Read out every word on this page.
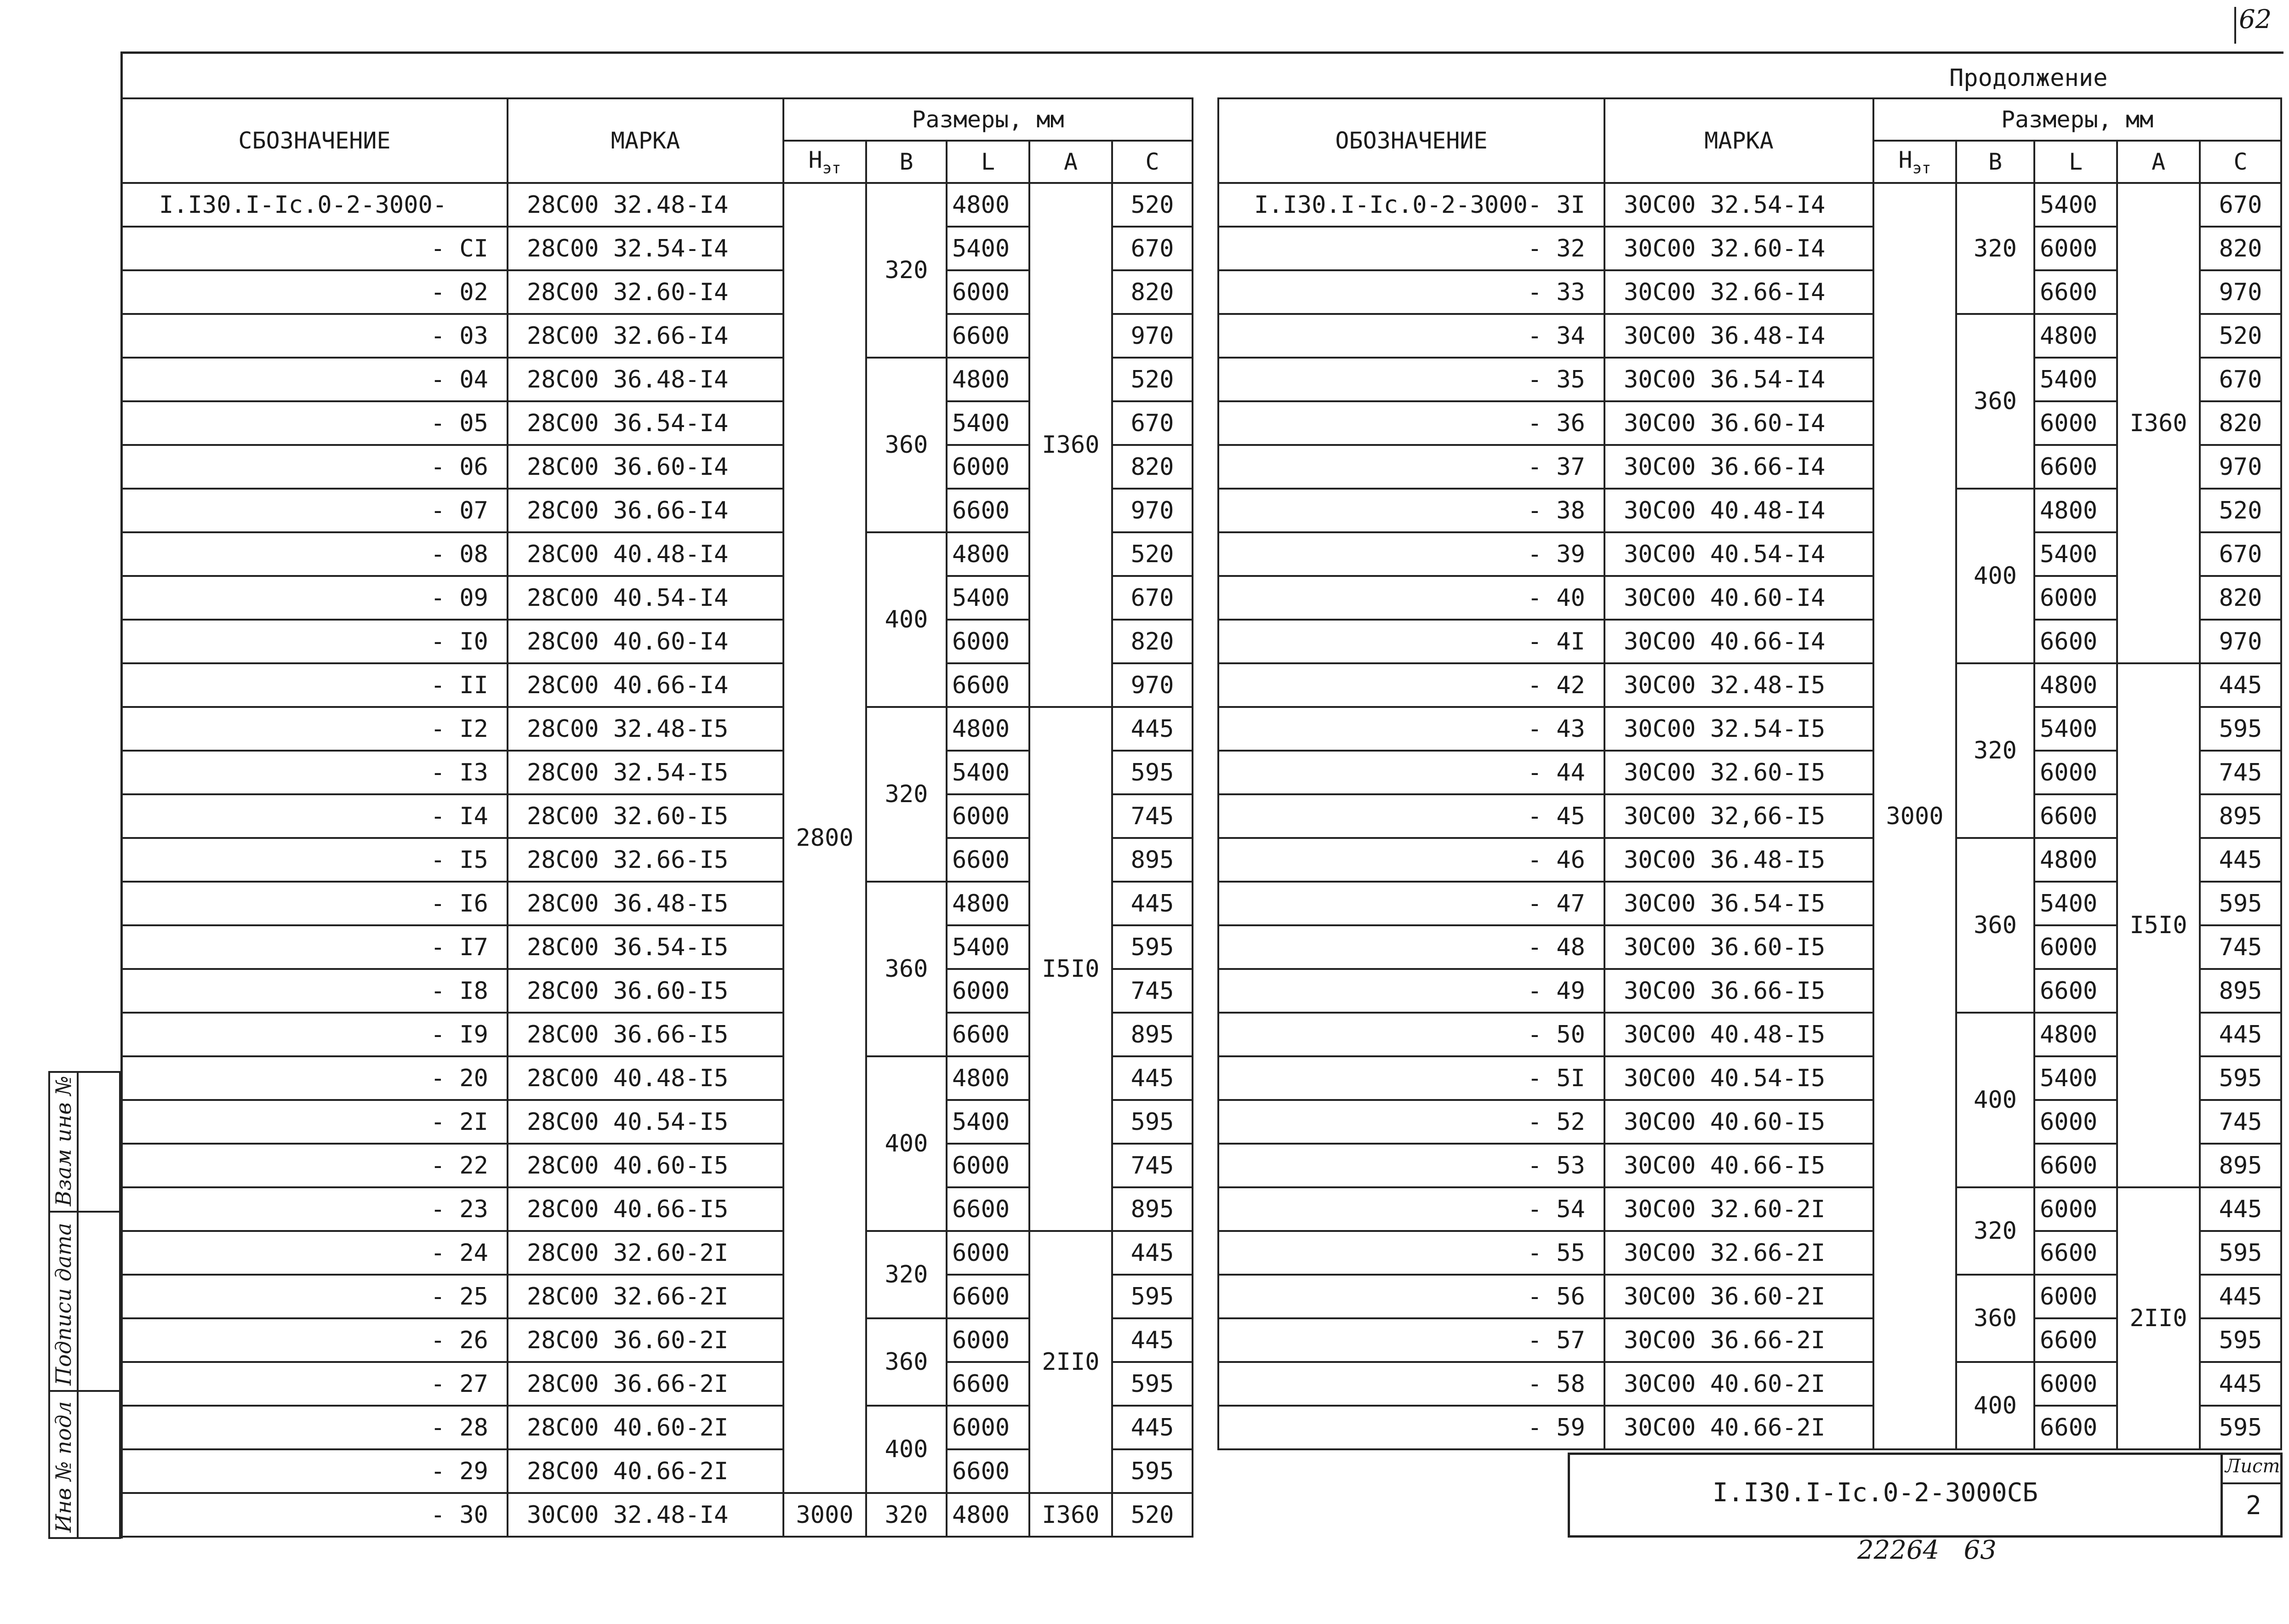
62
Продолжение
СБОЗНАЧЕНИЕ	МАРКА	Размеры, мм				
		$Н_{эт}$	В	L	А	С
I.I30.I-Iс.0-2-3000-	28C00 32.48-I4	2800	320	4800	I360	520
- CI	28C00 32.54-I4			5400		670
- 02	28C00 32.60-I4			6000		820
- 03	28C00 32.66-I4			6600		970
- 04	28C00 36.48-I4		360	4800		520
- 05	28C00 36.54-I4			5400		670
- 06	28C00 36.60-I4			6000		820
- 07	28C00 36.66-I4			6600		970
- 08	28C00 40.48-I4		400	4800		520
- 09	28C00 40.54-I4			5400		670
- I0	28C00 40.60-I4			6000		820
- II	28C00 40.66-I4			6600		970
- I2	28C00 32.48-I5		320	4800	I5I0	445
- I3	28C00 32.54-I5			5400		595
- I4	28C00 32.60-I5			6000		745
- I5	28C00 32.66-I5			6600		895
- I6	28C00 36.48-I5		360	4800		445
- I7	28C00 36.54-I5			5400		595
- I8	28C00 36.60-I5			6000		745
- I9	28C00 36.66-I5			6600		895
- 20	28C00 40.48-I5		400	4800		445
- 2I	28C00 40.54-I5			5400		595
- 22	28C00 40.60-I5			6000		745
- 23	28C00 40.66-I5			6600		895
- 24	28C00 32.60-2I		320	6000	2II0	445
- 25	28C00 32.66-2I			6600		595
- 26	28C00 36.60-2I		360	6000		445
- 27	28C00 36.66-2I			6600		595
- 28	28C00 40.60-2I		400	6000		445
- 29	28C00 40.66-2I			6600		595
- 30	30C00 32.48-I4	3000	320	4800	I360	520
ОБОЗНАЧЕНИЕ	МАРКА	Размеры, мм				
		$Н_{эт}$	В	L	А	С
I.I30.I-Iс.0-2-3000- 3I	30C00 32.54-I4	3000	320	5400	I360	670
- 32	30C00 32.60-I4			6000		820
- 33	30C00 32.66-I4			6600		970
- 34	30C00 36.48-I4		360	4800		520
- 35	30C00 36.54-I4			5400		670
- 36	30C00 36.60-I4			6000		820
- 37	30C00 36.66-I4			6600		970
- 38	30C00 40.48-I4		400	4800		520
- 39	30C00 40.54-I4			5400		670
- 40	30C00 40.60-I4			6000		820
- 4I	30C00 40.66-I4			6600		970
- 42	30C00 32.48-I5		320	4800	I5I0	445
- 43	30C00 32.54-I5			5400		595
- 44	30C00 32.60-I5			6000		745
- 45	30C00 32,66-I5			6600		895
- 46	30C00 36.48-I5		360	4800		445
- 47	30C00 36.54-I5			5400		595
- 48	30C00 36.60-I5			6000		745
- 49	30C00 36.66-I5			6600		895
- 50	30C00 40.48-I5		400	4800		445
- 5I	30C00 40.54-I5			5400		595
- 52	30C00 40.60-I5			6000		745
- 53	30C00 40.66-I5			6600		895
- 54	30C00 32.60-2I		320	6000	2II0	445
- 55	30C00 32.66-2I			6600		595
- 56	30C00 36.60-2I		360	6000		445
- 57	30C00 36.66-2I			6600		595
- 58	30C00 40.60-2I		400	6000		445
- 59	30C00 40.66-2I			6600		595
I.I30.I-Iс.0-2-3000СБ
Лист
2
Инв № подл
Подписи дата
Взам инв №
22264   63
